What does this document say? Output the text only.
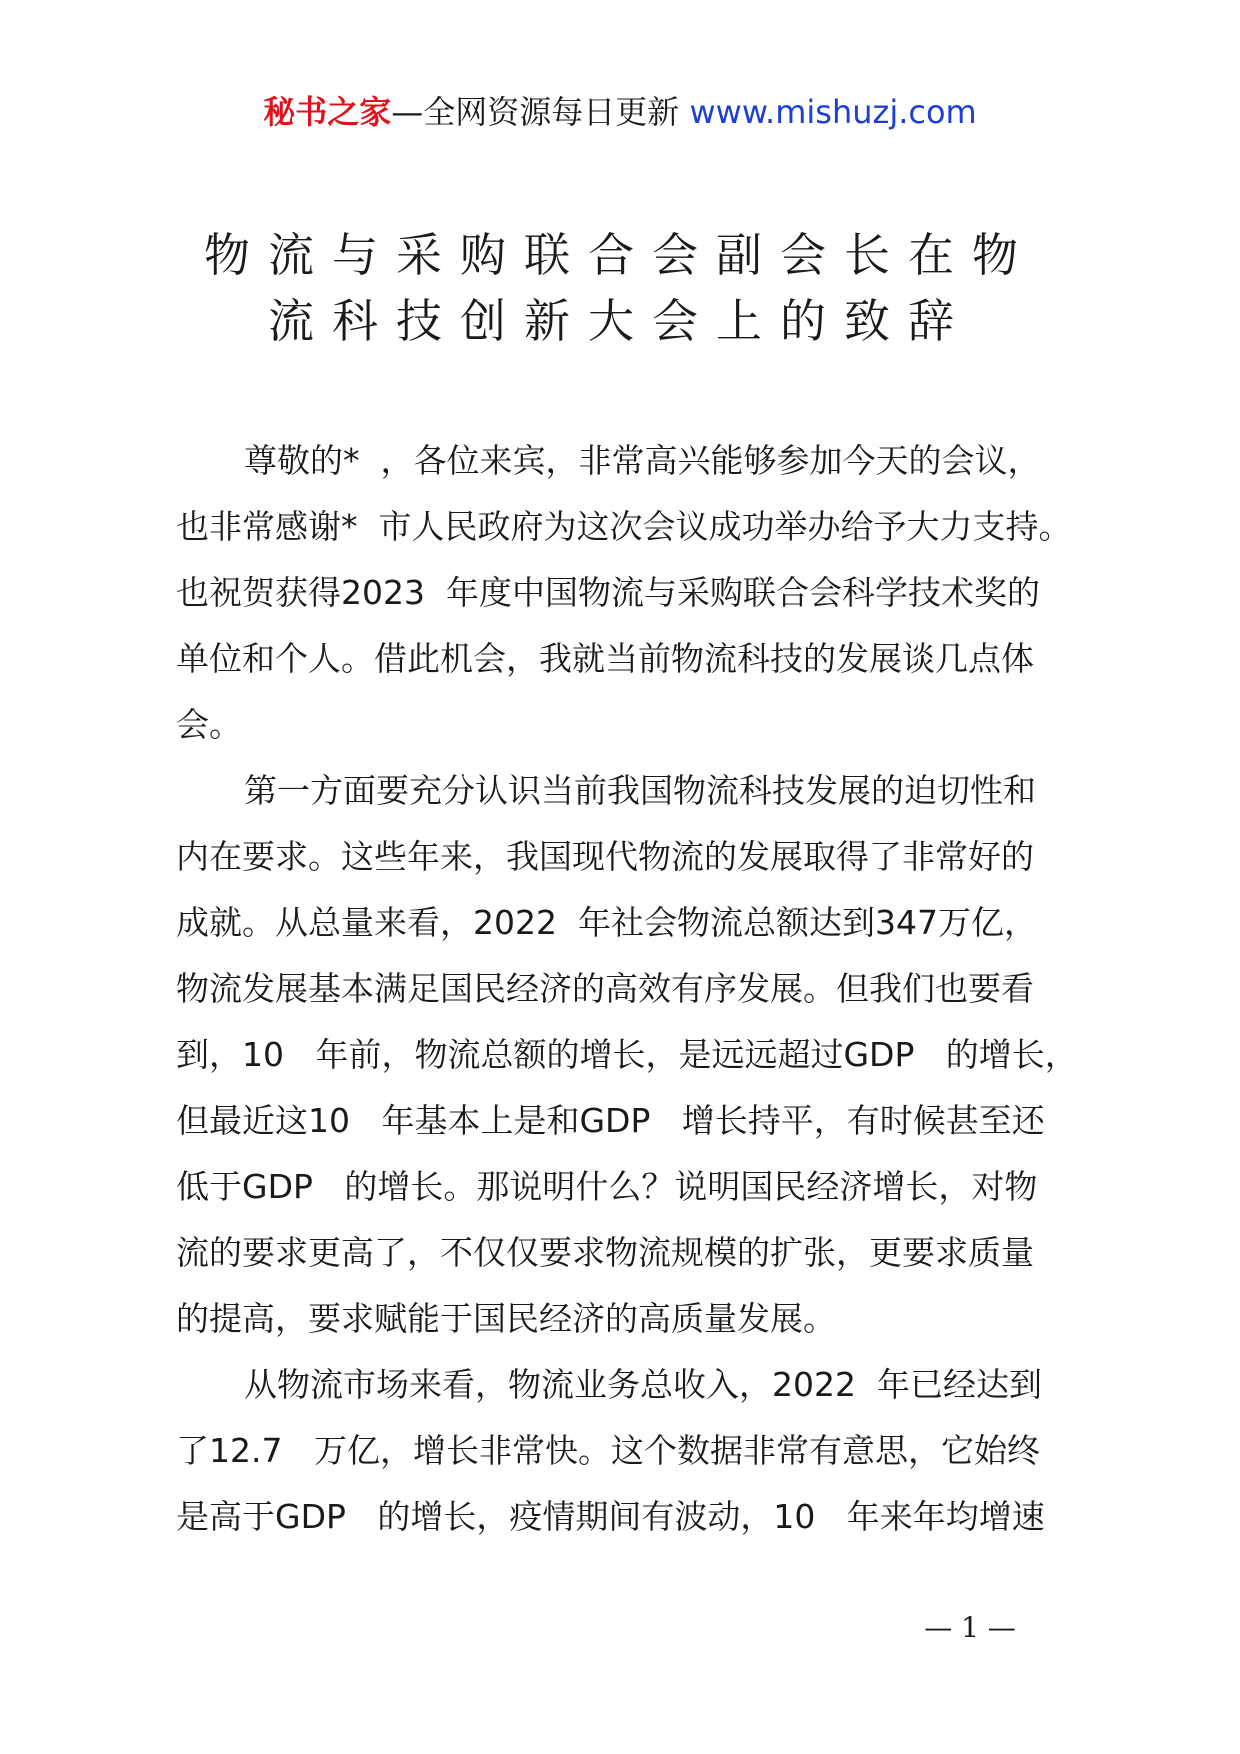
秘书之家—全网资源每日更新 www.mishuzj.com
物流与采购联合会副会长在物
流科技创新大会上的致辞
尊敬的*  ，各位来宾，非常高兴能够参加今天的会议，
也非常感谢*  市人民政府为这次会议成功举办给予大力支持。
也祝贺获得2023  年度中国物流与采购联合会科学技术奖的
单位和个人。借此机会，我就当前物流科技的发展谈几点体
会。
第一方面要充分认识当前我国物流科技发展的迫切性和
内在要求。这些年来，我国现代物流的发展取得了非常好的
成就。从总量来看，2022  年社会物流总额达到347万亿，
物流发展基本满足国民经济的高效有序发展。但我们也要看
到，10   年前，物流总额的增长，是远远超过GDP   的增长，
但最近这10   年基本上是和GDP   增长持平，有时候甚至还
低于GDP   的增长。那说明什么？说明国民经济增长，对物
流的要求更高了，不仅仅要求物流规模的扩张，更要求质量
的提高，要求赋能于国民经济的高质量发展。
从物流市场来看，物流业务总收入，2022  年已经达到
了12.7   万亿，增长非常快。这个数据非常有意思，它始终
是高于GDP   的增长，疫情期间有波动，10   年来年均增速
— 1 —
